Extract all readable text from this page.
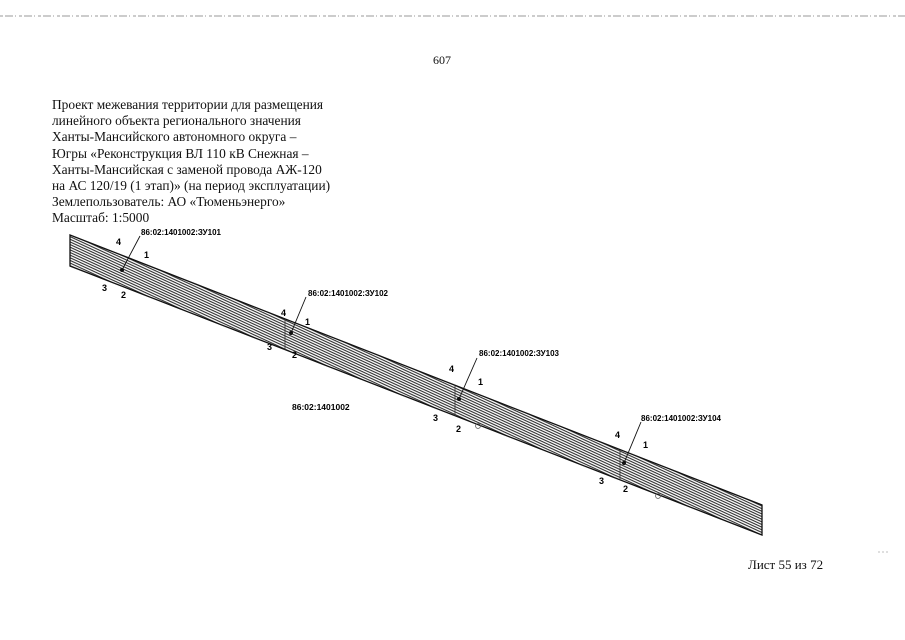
607
Проект межевания территории для размещения
линейного объекта регионального значения
Ханты-Мансийского автономного округа –
Югры «Реконструкция ВЛ 110 кВ Снежная –
Ханты-Мансийская с заменой провода АЖ-120
на АС 120/19 (1 этап)» (на период эксплуатации)
Землепользователь: АО «Тюменьэнерго»
Масштаб: 1:5000
86:02:1401002:ЗУ101
4
1
3
2	86:02:1401002:ЗУ102
4
1
3
2	86:02:1401002:ЗУ103
4
1
3
2
86:02:1401002:ЗУ104
4
1
3
2
86:02:1401002
Лист 55 из 72
